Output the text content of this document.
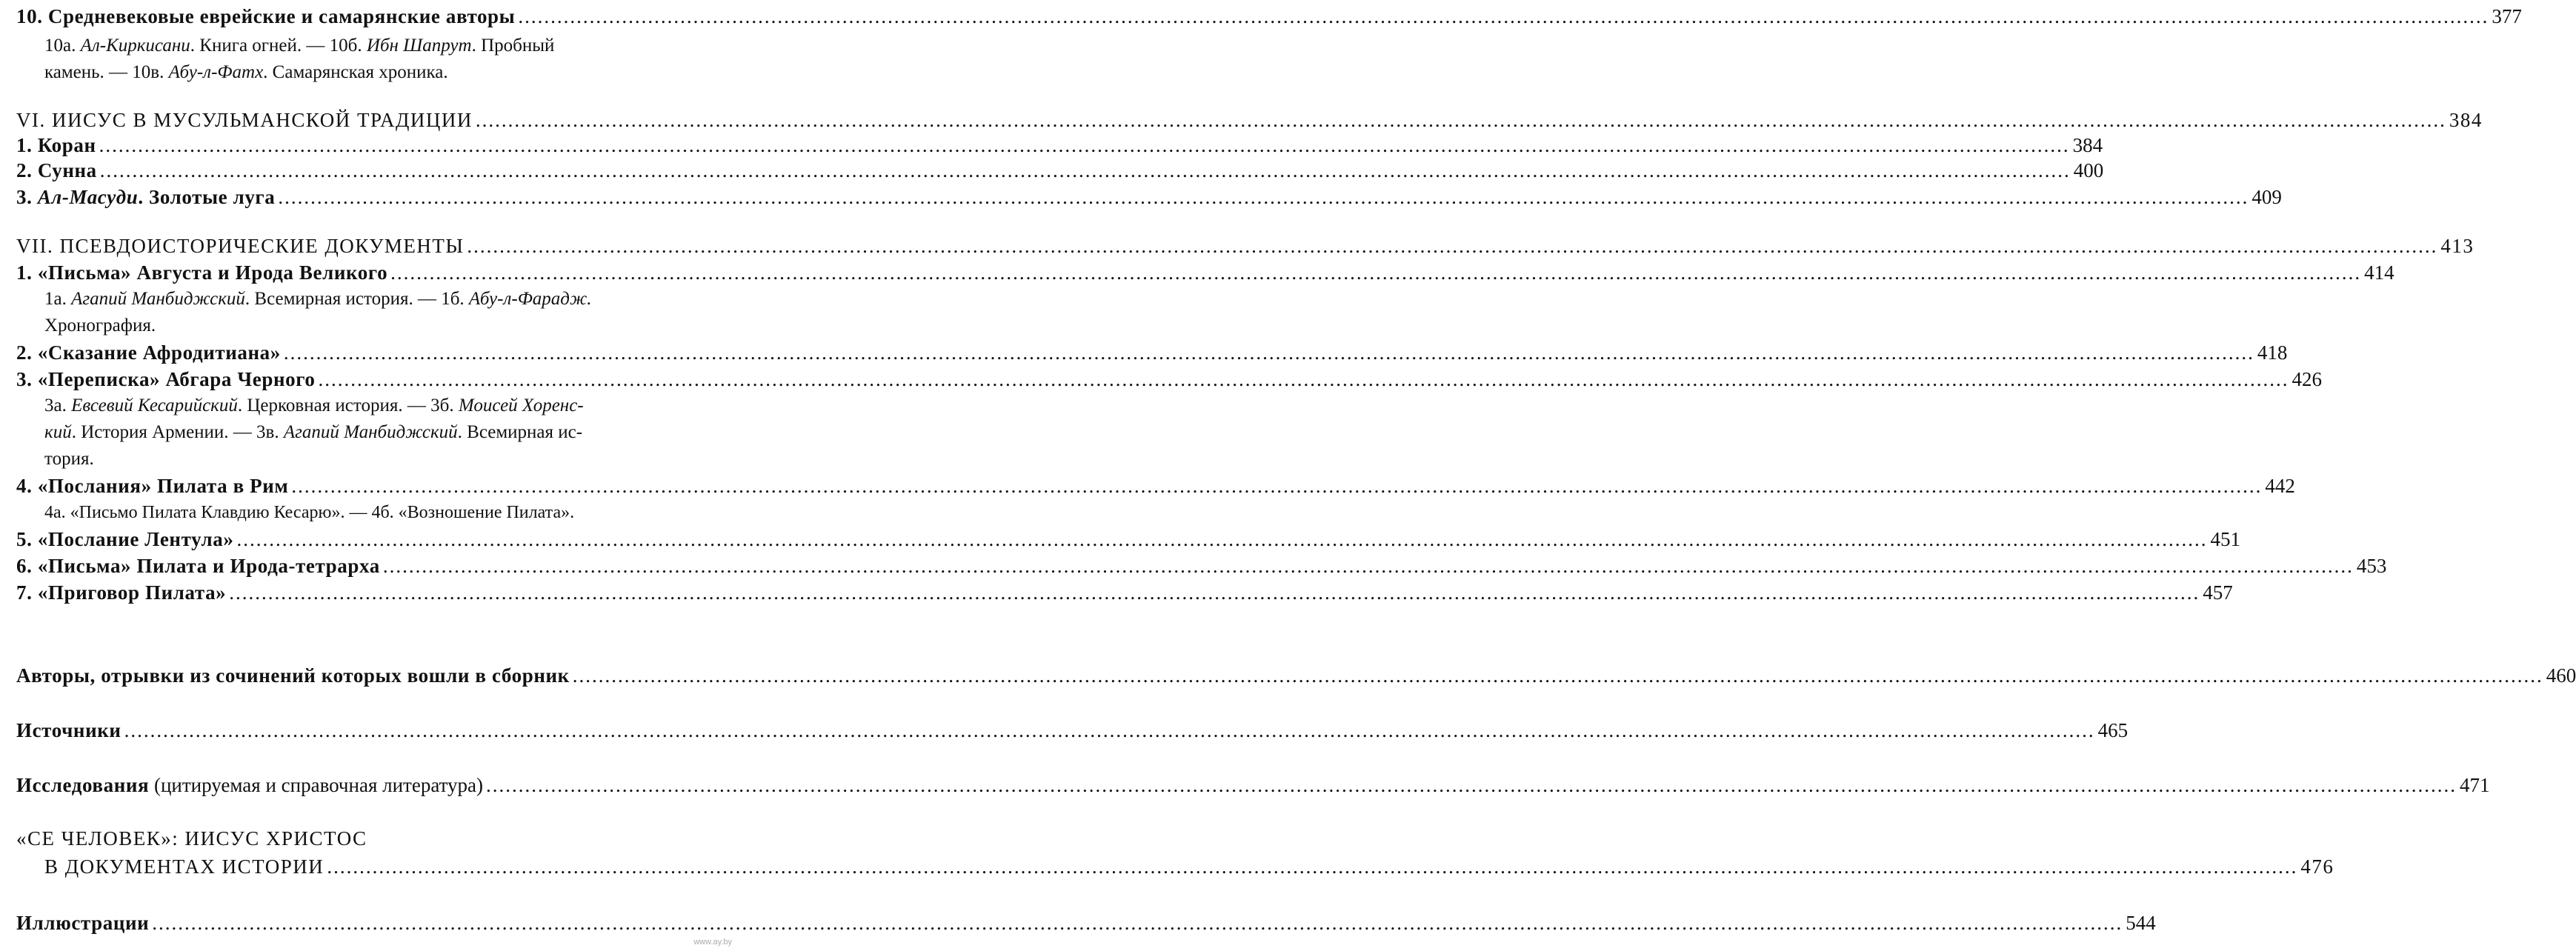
10. Средневековые еврейские и самарянские авторы ................................................................................................................................................................................................................................................................................................................ 377
10а. Ал-Киркисани. Книга огней. — 10б. Ибн Шапрут. Пробный
камень. — 10в. Абу-л-Фатх. Самарянская хроника.
VI. ИИСУС В МУСУЛЬМАНСКОЙ ТРАДИЦИИ ................................................................................................................................................................................................................................................................................................................ 384
1. Коран ................................................................................................................................................................................................................................................................................................................ 384
2. Сунна ................................................................................................................................................................................................................................................................................................................ 400
3. Ал-Масуди. Золотые луга ................................................................................................................................................................................................................................................................................................................ 409
VII. ПСЕВДОИСТОРИЧЕСКИЕ ДОКУМЕНТЫ ................................................................................................................................................................................................................................................................................................................ 413
1. «Письма» Августа и Ирода Великого ................................................................................................................................................................................................................................................................................................................ 414
1а. Агапий Манбиджский. Всемирная история. — 1б. Абу-л-Фарадж.
Хронография.
2. «Сказание Афродитиана» ................................................................................................................................................................................................................................................................................................................ 418
3. «Переписка» Абгара Черного ................................................................................................................................................................................................................................................................................................................ 426
3а. Евсевий Кесарийский. Церковная история. — 3б. Моисей Хоренс-
кий. История Армении. — 3в. Агапий Манбиджский. Всемирная ис-
тория.
4. «Послания» Пилата в Рим ................................................................................................................................................................................................................................................................................................................ 442
4а. «Письмо Пилата Клавдию Кесарю». — 4б. «Возношение Пилата».
5. «Послание Лентула» ................................................................................................................................................................................................................................................................................................................ 451
6. «Письма» Пилата и Ирода-тетрарха ................................................................................................................................................................................................................................................................................................................ 453
7. «Приговор Пилата» ................................................................................................................................................................................................................................................................................................................ 457
Авторы, отрывки из сочинений которых вошли в сборник ................................................................................................................................................................................................................................................................................................................ 460
Источники ................................................................................................................................................................................................................................................................................................................ 465
Исследования (цитируемая и справочная литература) ................................................................................................................................................................................................................................................................................................................ 471
«СЕ ЧЕЛОВЕК»: ИИСУС ХРИСТОС
В ДОКУМЕНТАХ ИСТОРИИ ................................................................................................................................................................................................................................................................................................................ 476
Иллюстрации ................................................................................................................................................................................................................................................................................................................ 544
www.ay.by
